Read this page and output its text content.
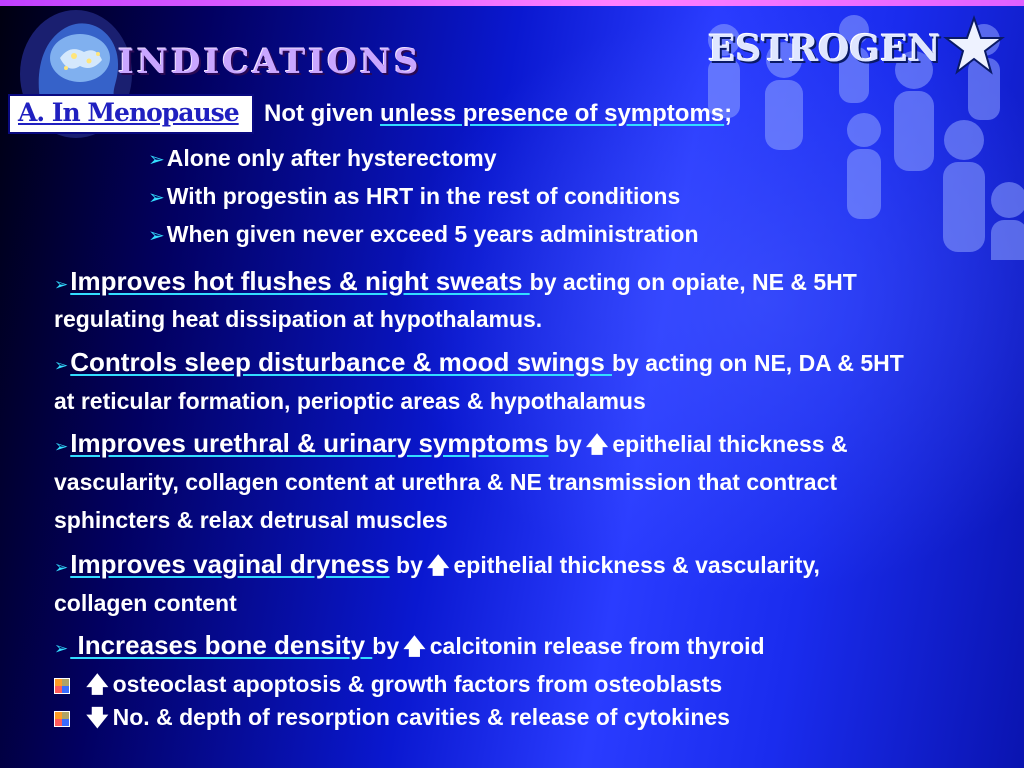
INDICATIONS	ESTROGEN
A. In Menopause Not given unless presence of symptoms;

➢Alone only after hysterectomy

➢With progestin as HRT in the rest of conditions

➢When given never exceed 5 years administration

➢Improves hot flushes & night sweats by acting on opiate, NE & 5HT

regulating heat dissipation at hypothalamus.

➢Controls sleep disturbance & mood swings by acting on NE, DA & 5HT

at reticular formation, perioptic areas & hypothalamus

➢Improves urethral & urinary symptoms by 🡅 epithelial thickness &

vascularity, collagen content at urethra & NE transmission that contract

sphincters & relax detrusal muscles

➢Improves vaginal dryness by 🡅 epithelial thickness & vascularity,

collagen content

➢ Increases bone density by 🡅 calcitonin release from thyroid

🡅 osteoclast apoptosis & growth factors from osteoblasts

🡇 No. & depth of resorption cavities & release of cytokines
